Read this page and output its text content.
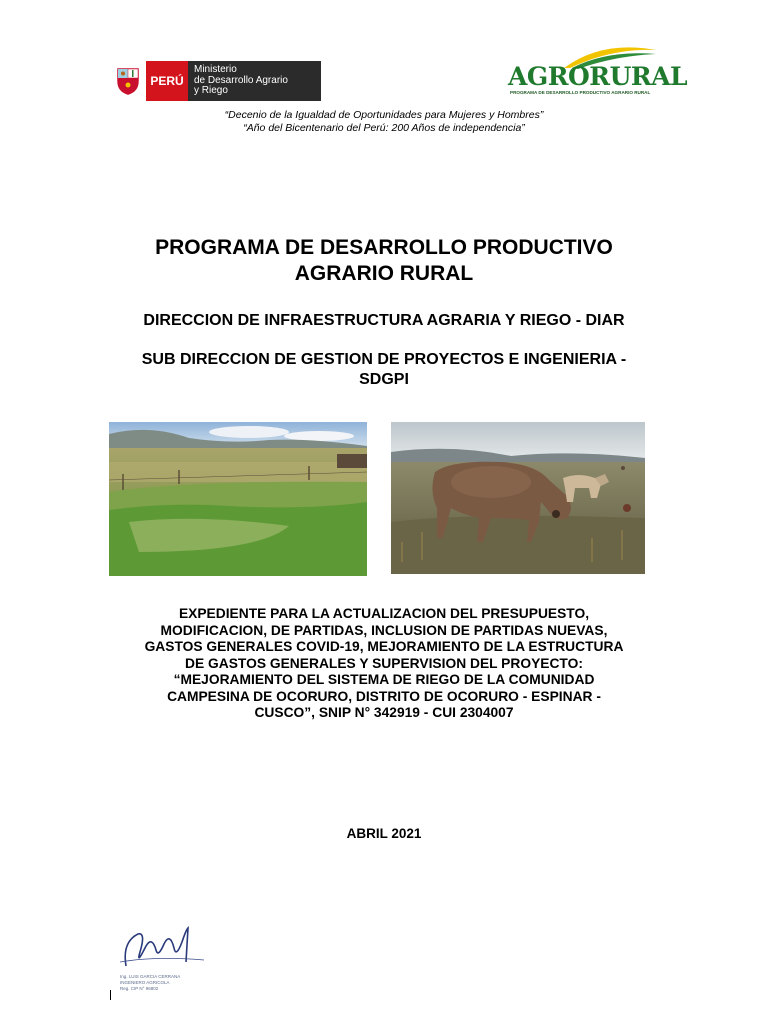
PERÚ
Ministerio
de Desarrollo Agrario
y Riego	AGRORURAL
PROGRAMA DE DESARROLLO PRODUCTIVO AGRARIO RURAL
“Decenio de la Igualdad de Oportunidades para Mujeres y Hombres”
“Año del Bicentenario del Perú: 200 Años de independencia”
PROGRAMA DE DESARROLLO PRODUCTIVO
AGRARIO RURAL
DIRECCION DE INFRAESTRUCTURA AGRARIA Y RIEGO - DIAR
SUB DIRECCION DE GESTION DE PROYECTOS E INGENIERIA -
SDGPI
EXPEDIENTE PARA LA ACTUALIZACION DEL PRESUPUESTO,
MODIFICACION, DE PARTIDAS, INCLUSION DE PARTIDAS NUEVAS,
GASTOS GENERALES COVID-19, MEJORAMIENTO DE LA ESTRUCTURA
DE GASTOS GENERALES Y SUPERVISION DEL PROYECTO:
“MEJORAMIENTO DEL SISTEMA DE RIEGO DE LA COMUNIDAD
CAMPESINA DE OCORURO, DISTRITO DE OCORURO - ESPINAR -
CUSCO”, SNIP N° 342919 - CUI 2304007
ABRIL 2021
Ing. LUIS GARCIA CERRANA
INGENIERO AGRICOLA
Reg. CIP N° 96802
